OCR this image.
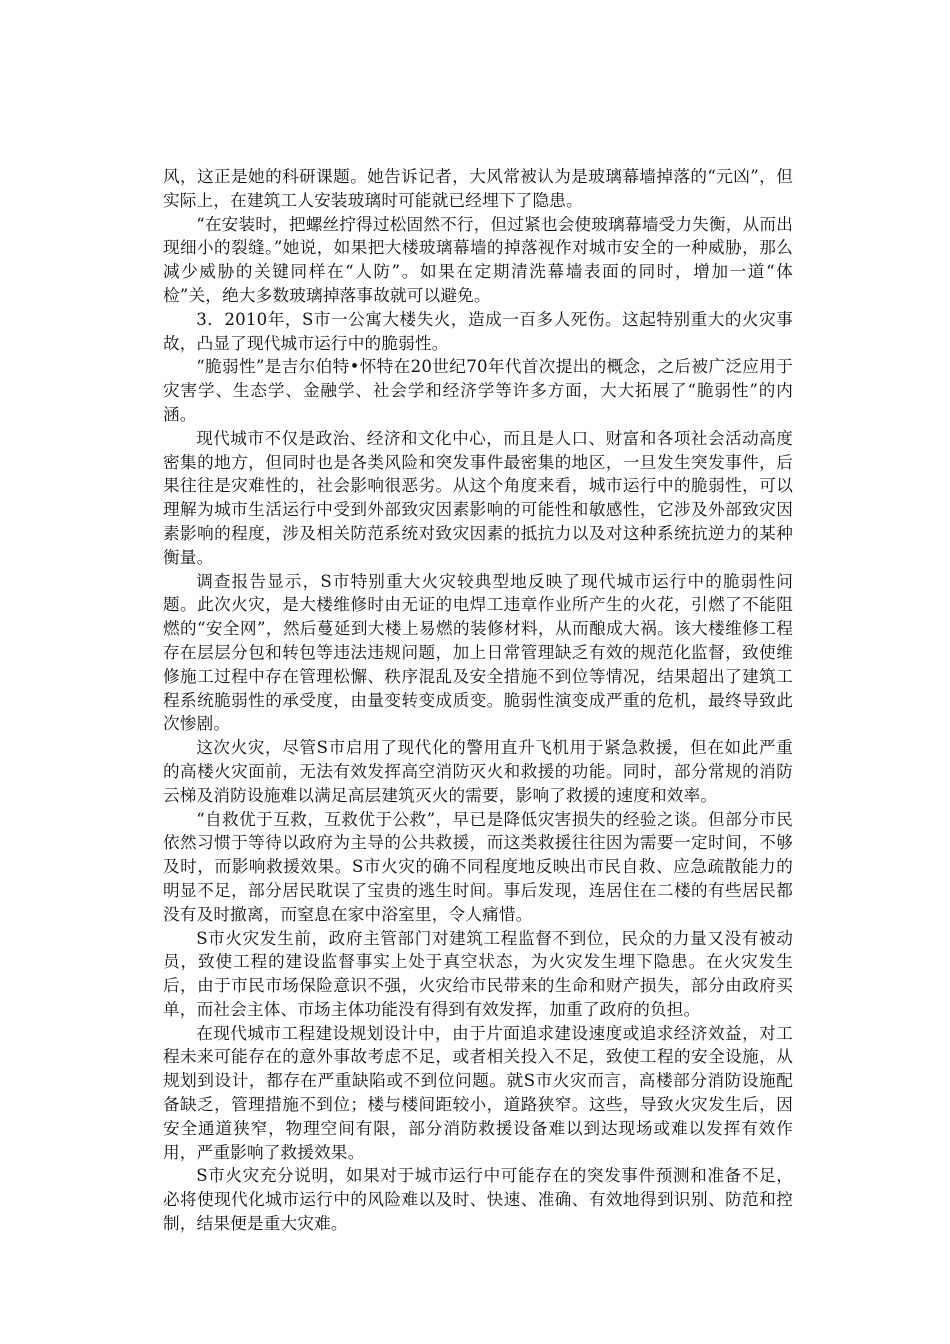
风，这正是她的科研课题。她告诉记者，大风常被认为是玻璃幕墙掉落的“元凶”，但实际上，在建筑工人安装玻璃时可能就已经埋下了隐患。

“在安装时，把螺丝拧得过松固然不行，但过紧也会使玻璃幕墙受力失衡，从而出现细小的裂缝。”她说，如果把大楼玻璃幕墙的掉落视作对城市安全的一种威胁，那么减少威胁的关键同样在“人防”。如果在定期清洗幕墙表面的同时，增加一道“体检”关，绝大多数玻璃掉落事故就可以避免。

3．2010年，S市一公寓大楼失火，造成一百多人死伤。这起特别重大的火灾事故，凸显了现代城市运行中的脆弱性。

“脆弱性”是吉尔伯特•怀特在20世纪70年代首次提出的概念，之后被广泛应用于灾害学、生态学、金融学、社会学和经济学等许多方面，大大拓展了“脆弱性”的内涵。

现代城市不仅是政治、经济和文化中心，而且是人口、财富和各项社会活动高度密集的地方，但同时也是各类风险和突发事件最密集的地区，一旦发生突发事件，后果往往是灾难性的，社会影响很恶劣。从这个角度来看，城市运行中的脆弱性，可以理解为城市生活运行中受到外部致灾因素影响的可能性和敏感性，它涉及外部致灾因素影响的程度，涉及相关防范系统对致灾因素的抵抗力以及对这种系统抗逆力的某种衡量。

调查报告显示，S市特别重大火灾较典型地反映了现代城市运行中的脆弱性问题。此次火灾，是大楼维修时由无证的电焊工违章作业所产生的火花，引燃了不能阻燃的“安全网”，然后蔓延到大楼上易燃的装修材料，从而酿成大祸。该大楼维修工程存在层层分包和转包等违法违规问题，加上日常管理缺乏有效的规范化监督，致使维修施工过程中存在管理松懈、秩序混乱及安全措施不到位等情况，结果超出了建筑工程系统脆弱性的承受度，由量变转变成质变。脆弱性演变成严重的危机，最终导致此次惨剧。

这次火灾，尽管S市启用了现代化的警用直升飞机用于紧急救援，但在如此严重的高楼火灾面前，无法有效发挥高空消防灭火和救援的功能。同时，部分常规的消防云梯及消防设施难以满足高层建筑灭火的需要，影响了救援的速度和效率。

“自救优于互救，互救优于公救”，早已是降低灾害损失的经验之谈。但部分市民依然习惯于等待以政府为主导的公共救援，而这类救援往往因为需要一定时间，不够及时，而影响救援效果。S市火灾的确不同程度地反映出市民自救、应急疏散能力的明显不足，部分居民耽误了宝贵的逃生时间。事后发现，连居住在二楼的有些居民都没有及时撤离，而窒息在家中浴室里，令人痛惜。

S市火灾发生前，政府主管部门对建筑工程监督不到位，民众的力量又没有被动员，致使工程的建设监督事实上处于真空状态，为火灾发生埋下隐患。在火灾发生后，由于市民市场保险意识不强，火灾给市民带来的生命和财产损失，部分由政府买单，而社会主体、市场主体功能没有得到有效发挥，加重了政府的负担。

在现代城市工程建设规划设计中，由于片面追求建设速度或追求经济效益，对工程未来可能存在的意外事故考虑不足，或者相关投入不足，致使工程的安全设施，从规划到设计，都存在严重缺陷或不到位问题。就S市火灾而言，高楼部分消防设施配备缺乏，管理措施不到位；楼与楼间距较小，道路狭窄。这些，导致火灾发生后，因安全通道狭窄，物理空间有限，部分消防救援设备难以到达现场或难以发挥有效作用，严重影响了救援效果。

S市火灾充分说明，如果对于城市运行中可能存在的突发事件预测和准备不足，必将使现代化城市运行中的风险难以及时、快速、准确、有效地得到识别、防范和控制，结果便是重大灾难。
